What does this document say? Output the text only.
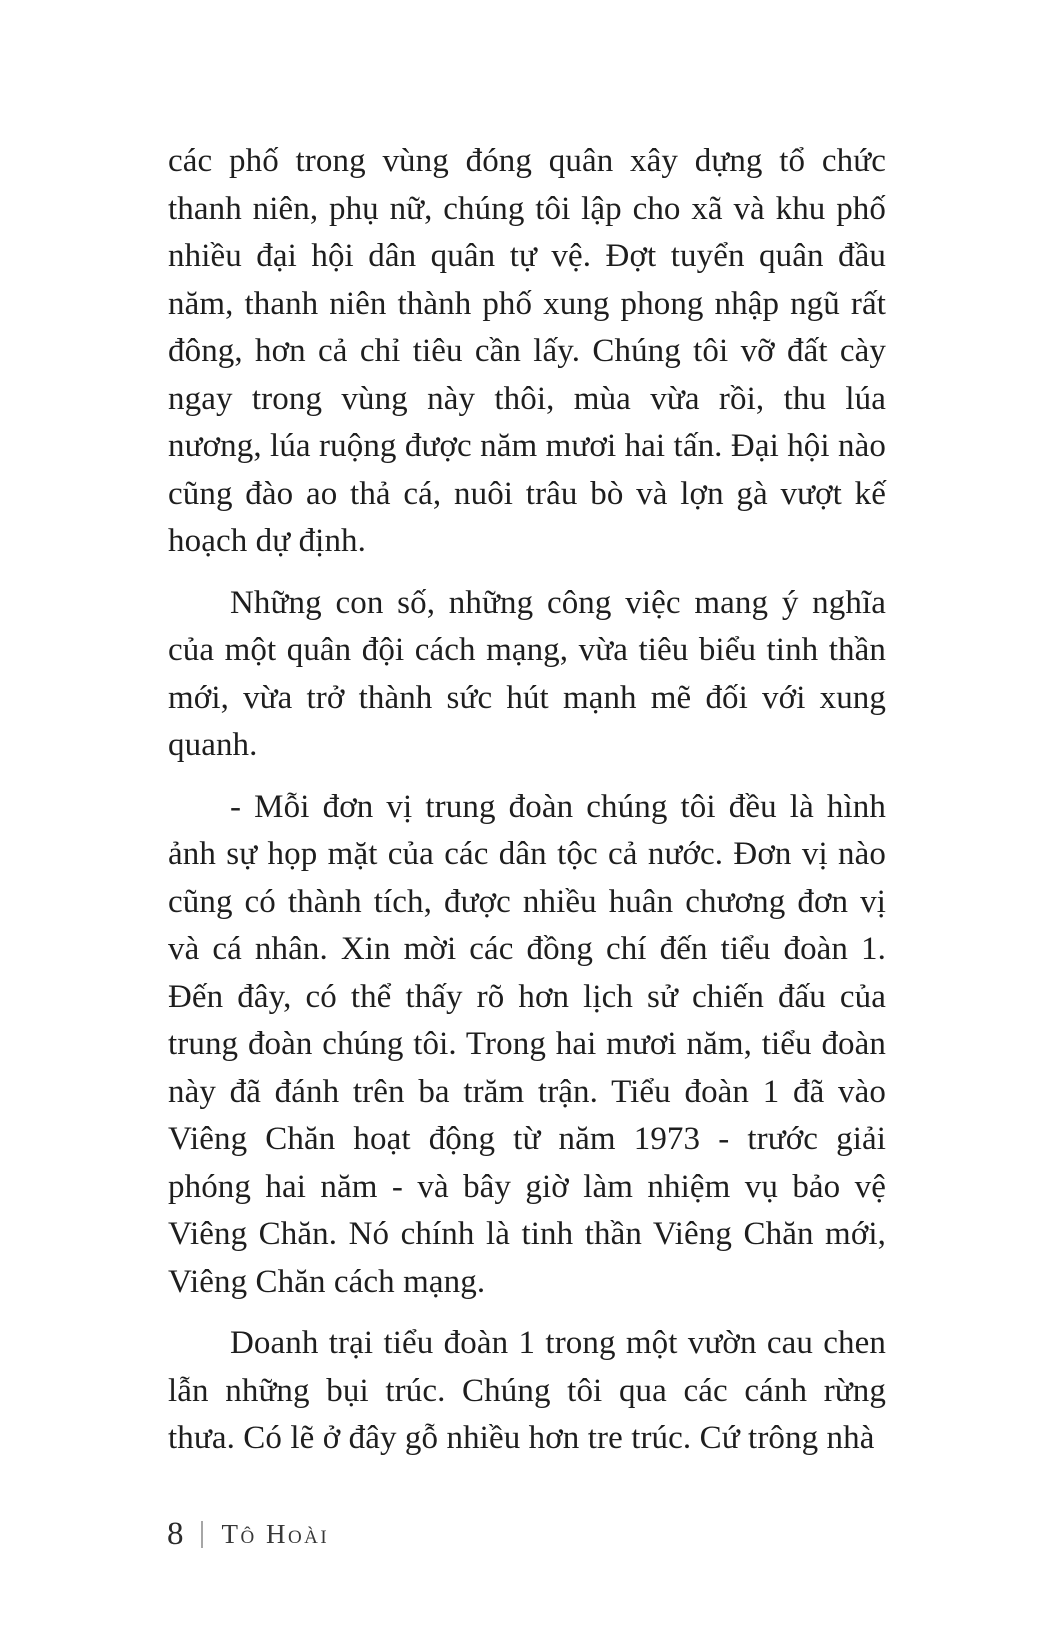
các phố trong vùng đóng quân xây dựng tổ chức thanh niên, phụ nữ, chúng tôi lập cho xã và khu phố nhiều đại hội dân quân tự vệ. Đợt tuyển quân đầu năm, thanh niên thành phố xung phong nhập ngũ rất đông, hơn cả chỉ tiêu cần lấy. Chúng tôi vỡ đất cày ngay trong vùng này thôi, mùa vừa rồi, thu lúa nương, lúa ruộng được năm mươi hai tấn. Đại hội nào cũng đào ao thả cá, nuôi trâu bò và lợn gà vượt kế hoạch dự định.

Những con số, những công việc mang ý nghĩa của một quân đội cách mạng, vừa tiêu biểu tinh thần mới, vừa trở thành sức hút mạnh mẽ đối với xung quanh.

- Mỗi đơn vị trung đoàn chúng tôi đều là hình ảnh sự họp mặt của các dân tộc cả nước. Đơn vị nào cũng có thành tích, được nhiều huân chương đơn vị và cá nhân. Xin mời các đồng chí đến tiểu đoàn 1. Đến đây, có thể thấy rõ hơn lịch sử chiến đấu của trung đoàn chúng tôi. Trong hai mươi năm, tiểu đoàn này đã đánh trên ba trăm trận. Tiểu đoàn 1 đã vào Viêng Chăn hoạt động từ năm 1973 - trước giải phóng hai năm - và bây giờ làm nhiệm vụ bảo vệ Viêng Chăn. Nó chính là tinh thần Viêng Chăn mới, Viêng Chăn cách mạng.

Doanh trại tiểu đoàn 1 trong một vườn cau chen lẫn những bụi trúc. Chúng tôi qua các cánh rừng thưa. Có lẽ ở đây gỗ nhiều hơn tre trúc. Cứ trông nhà

8 Tô Hoài
